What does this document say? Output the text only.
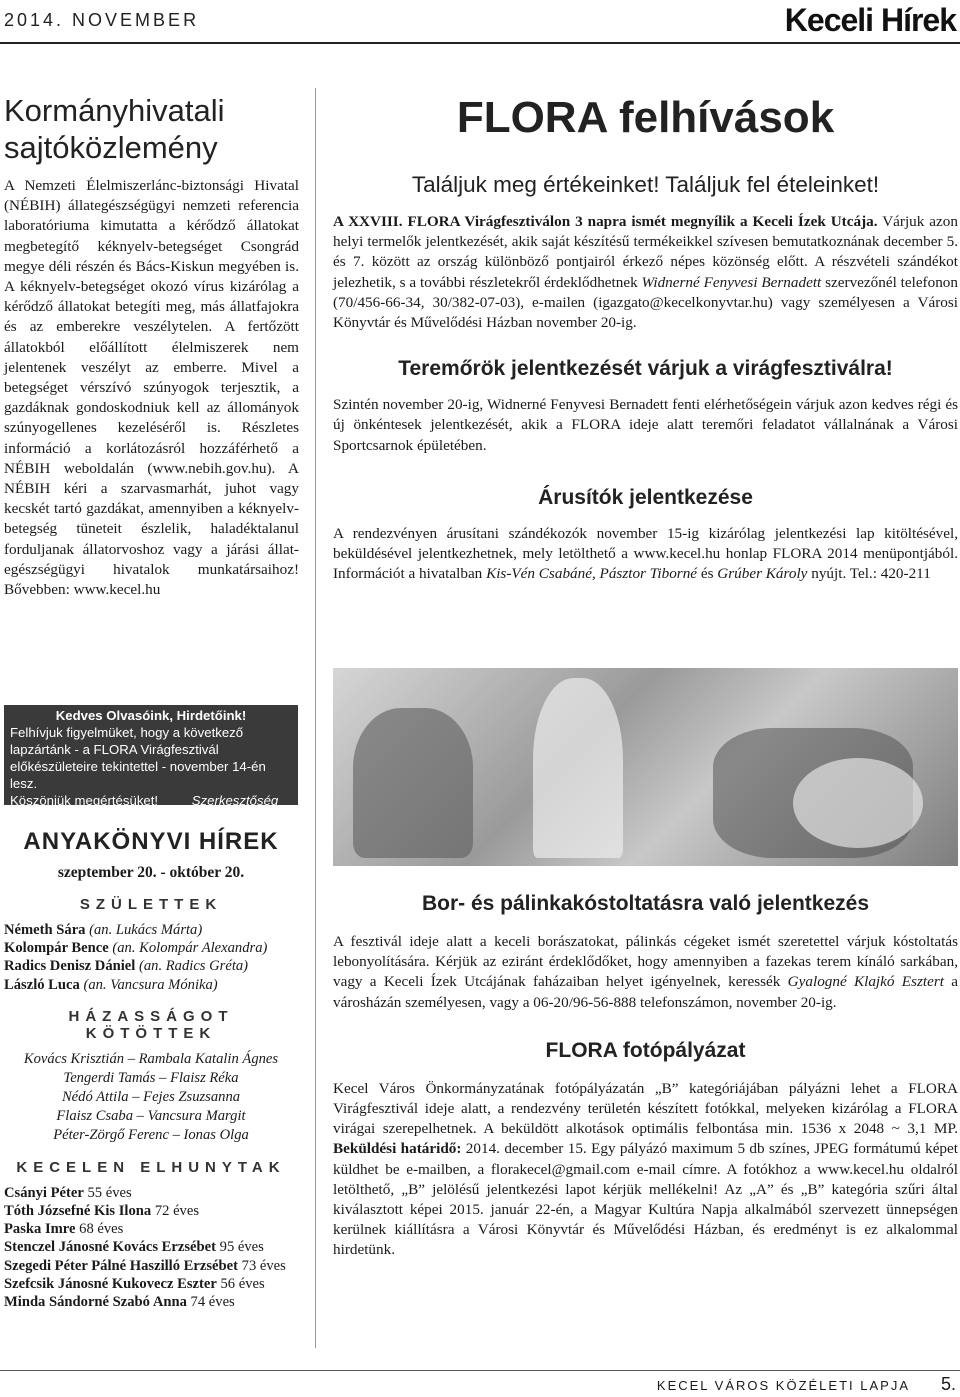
2014. NOVEMBER	Keceli Hírek
Kormányhivatali
sajtóközlemény

A Nemzeti Élelmiszerlánc-biztonsági Hivatal (NÉBIH) állategészségügyi nemzeti referencia laboratóriuma kimutatta a kérődző állatokat megbetegítő kéknyelv-betegséget Csongrád megye déli részén és Bács-Kiskun megyében is. A kéknyelv-betegséget okozó vírus kizárólag a kérődző állatokat betegíti meg, más állatfajokra és az emberekre veszélytelen. A fertőzött állatokból előállított élelmiszerek nem jelentenek veszélyt az emberre. Mivel a betegséget vérszívó szúnyogok terjesztik, a gazdáknak gondoskodniuk kell az állományok szúnyogellenes kezeléséről is. Részletes információ a korlátozásról hozzáférhető a NÉBIH weboldalán (www.nebih.gov.hu). A NÉBIH kéri a szarvasmarhát, juhot vagy kecskét tartó gazdákat, amennyiben a kéknyelv-betegség tüneteit észlelik, haladéktalanul forduljanak állatorvoshoz vagy a járási állat-egészségügyi hivatalok munkatársaihoz! Bővebben: www.kecel.hu

Kedves Olvasóink, Hirdetőink!
Felhívjuk figyelmüket, hogy a következő lapzártánk - a FLORA Virágfesztivál előkészületeire tekintettel - november 14-én lesz.
Köszönjük megértésüket!	Szerkesztőség
ANYAKÖNYVI HÍREK
szeptember 20. - október 20.
SZÜLETTEK
Németh Sára (an. Lukács Márta)
Kolompár Bence (an. Kolompár Alexandra)
Radics Denisz Dániel (an. Radics Gréta)
László Luca (an. Vancsura Mónika)
HÁZASSÁGOT KÖTÖTTEK
Kovács Krisztián – Rambala Katalin Ágnes
Tengerdi Tamás – Flaisz Réka
Nédó Attila – Fejes Zsuzsanna
Flaisz Csaba – Vancsura Margit
Péter-Zörgő Ferenc – Ionas Olga
KECELEN ELHUNYTAK
Csányi Péter 55 éves
Tóth Józsefné Kis Ilona 72 éves
Paska Imre 68 éves
Stenczel Jánosné Kovács Erzsébet 95 éves
Szegedi Péter Pálné Haszilló Erzsébet 73 éves
Szefcsik Jánosné Kukovecz Eszter 56 éves
Minda Sándorné Szabó Anna 74 éves
FLORA felhívások
Találjuk meg értékeinket! Találjuk fel ételeinket!

A XXVIII. FLORA Virágfesztiválon 3 napra ismét megnyílik a Keceli Ízek Utcája. Várjuk azon helyi termelők jelentkezését, akik saját készítésű termékeikkel szívesen bemutatkoznának december 5. és 7. között az ország különböző pontjairól érkező népes közönség előtt. A részvételi szándékot jelezhetik, s a további részletekről érdeklődhetnek Widnerné Fenyvesi Bernadett szervezőnél telefonon (70/456-66-34, 30/382-07-03), e-mailen (igazgato@kecelkonyvtar.hu) vagy személyesen a Városi Könyvtár és Művelődési Házban november 20-ig.

Teremőrök jelentkezését várjuk a virágfesztiválra!

Szintén november 20-ig, Widnerné Fenyvesi Bernadett fenti elérhetőségein várjuk azon kedves régi és új önkéntesek jelentkezését, akik a FLORA ideje alatt teremőri feladatot vállalnának a Városi Sportcsarnok épületében.

Árusítók jelentkezése

A rendezvényen árusítani szándékozók november 15-ig kizárólag jelentkezési lap kitöltésével, beküldésével jelentkezhetnek, mely letölthető a www.kecel.hu honlap FLORA 2014 menüpontjából. Információt a hivatalban Kis-Vén Csabáné, Pásztor Tiborné és Grúber Károly nyújt. Tel.: 420-211

Bor- és pálinkakóstoltatásra való jelentkezés

A fesztivál ideje alatt a keceli borászatokat, pálinkás cégeket ismét szeretettel várjuk kóstoltatás lebonyolítására. Kérjük az eziránt érdeklődőket, hogy amennyiben a fazekas terem kínáló sarkában, vagy a Keceli Ízek Utcájának faházaiban helyet igényelnek, keressék Gyalogné Klajkó Esztert a városházán személyesen, vagy a 06-20/96-56-888 telefonszámon, november 20-ig.

FLORA fotópályázat

Kecel Város Önkormányzatának fotópályázatán „B” kategóriájában pályázni lehet a FLORA Virágfesztivál ideje alatt, a rendezvény területén készített fotókkal, melyeken kizárólag a FLORA virágai szerepelhetnek. A beküldött alkotások optimális felbontása min. 1536 x 2048 ~ 3,1 MP. Beküldési határidő: 2014. december 15. Egy pályázó maximum 5 db színes, JPEG formátumú képet küldhet be e-mailben, a florakecel@gmail.com e-mail címre. A fotókhoz a www.kecel.hu oldalról letölthető, „B” jelölésű jelentkezési lapot kérjük mellékelni! Az „A” és „B” kategória szűri által kiválasztott képei 2015. január 22-én, a Magyar Kultúra Napja alkalmából szervezett ünnepségen kerülnek kiállításra a Városi Könyvtár és Művelődési Házban, és eredményt is ez alkalommal hirdetünk.

KECEL VÁROS KÖZÉLETI LAPJA 5.
